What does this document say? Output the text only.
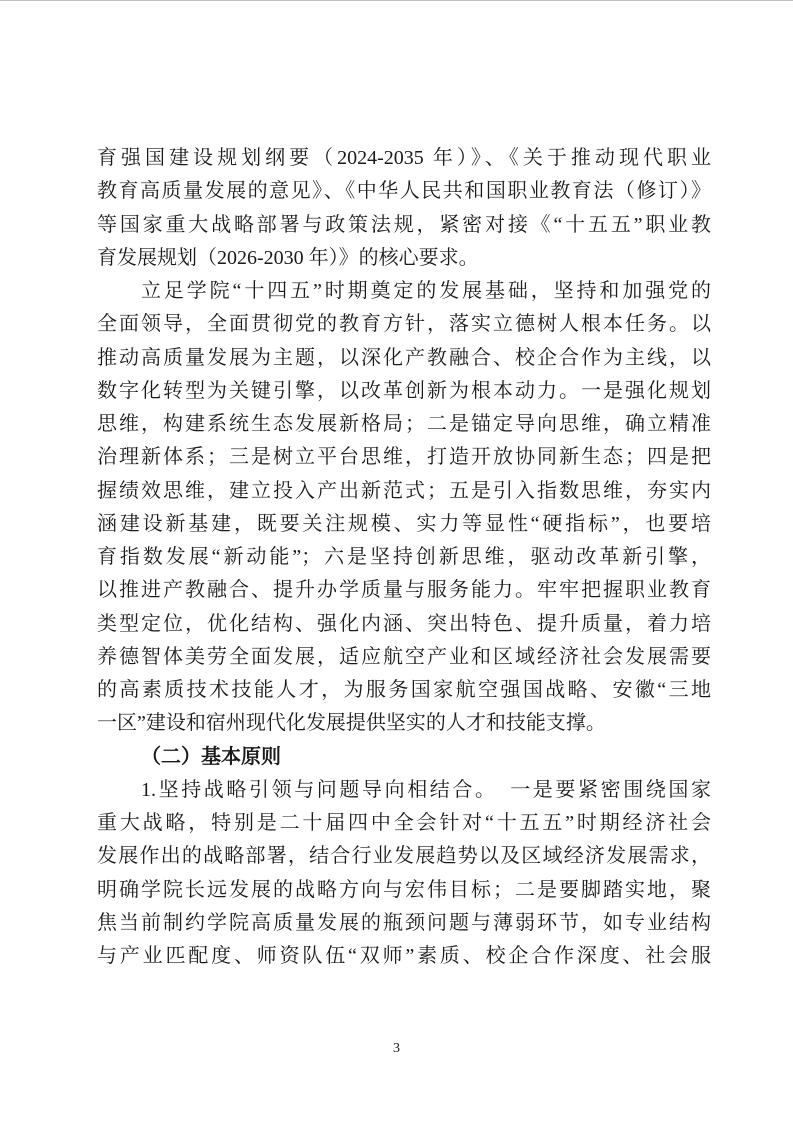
育强国建设规划纲要（2024-2035 年）》、《关于推动现代职业
教育高质量发展的意见》、《中华人民共和国职业教育法（修订）》
等国家重大战略部署与政策法规，紧密对接《“十五五”职业教
育发展规划（2026-2030 年）》的核心要求。
立足学院“十四五”时期奠定的发展基础，坚持和加强党的
全面领导，全面贯彻党的教育方针，落实立德树人根本任务。以
推动高质量发展为主题，以深化产教融合、校企合作为主线，以
数字化转型为关键引擎，以改革创新为根本动力。一是强化规划
思维，构建系统生态发展新格局；二是锚定导向思维，确立精准
治理新体系；三是树立平台思维，打造开放协同新生态；四是把
握绩效思维，建立投入产出新范式；五是引入指数思维，夯实内
涵建设新基建，既要关注规模、实力等显性“硬指标”，也要培
育指数发展“新动能”；六是坚持创新思维，驱动改革新引擎，
以推进产教融合、提升办学质量与服务能力。牢牢把握职业教育
类型定位，优化结构、强化内涵、突出特色、提升质量，着力培
养德智体美劳全面发展，适应航空产业和区域经济社会发展需要
的高素质技术技能人才，为服务国家航空强国战略、安徽“三地
一区”建设和宿州现代化发展提供坚实的人才和技能支撑。
（二）基本原则
1.坚持战略引领与问题导向相结合。　一是要紧密围绕国家
重大战略，特别是二十届四中全会针对“十五五”时期经济社会
发展作出的战略部署，结合行业发展趋势以及区域经济发展需求，
明确学院长远发展的战略方向与宏伟目标；二是要脚踏实地，聚
焦当前制约学院高质量发展的瓶颈问题与薄弱环节，如专业结构
与产业匹配度、师资队伍“双师”素质、校企合作深度、社会服
3
